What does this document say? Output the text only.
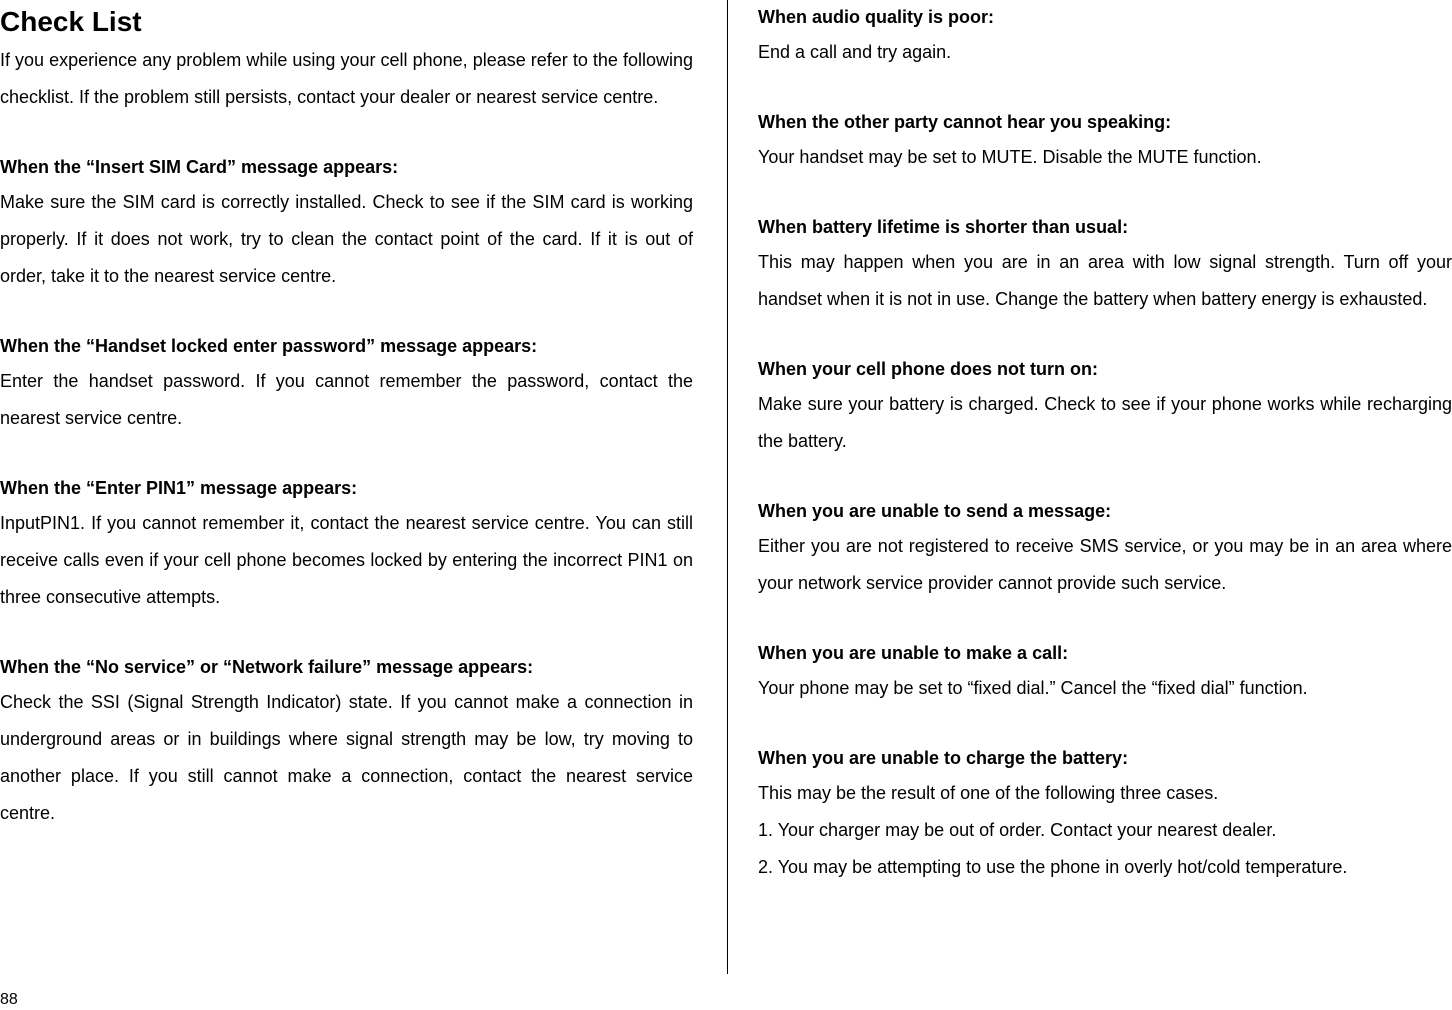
Check List

If you experience any problem while using your cell phone, please refer to the following checklist. If the problem still persists, contact your dealer or nearest service centre.

When the “Insert SIM Card” message appears:

Make sure the SIM card is correctly installed. Check to see if the SIM card is working properly. If it does not work, try to clean the contact point of the card. If it is out of order, take it to the nearest service centre.

When the “Handset locked enter password” message appears:

Enter the handset password. If you cannot remember the password, contact the nearest service centre.

When the “Enter PIN1” message appears:

InputPIN1. If you cannot remember it, contact the nearest service centre. You can still receive calls even if your cell phone becomes locked by entering the incorrect PIN1 on three consecutive attempts.

When the “No service” or “Network failure” message appears:

Check the SSI (Signal Strength Indicator) state. If you cannot make a connection in underground areas or in buildings where signal strength may be low, try moving to another place. If you still cannot make a connection, contact the nearest service centre.

When audio quality is poor:

End a call and try again.

When the other party cannot hear you speaking:

Your handset may be set to MUTE. Disable the MUTE function.

When battery lifetime is shorter than usual:

This may happen when you are in an area with low signal strength. Turn off your handset when it is not in use. Change the battery when battery energy is exhausted.

When your cell phone does not turn on:

Make sure your battery is charged. Check to see if your phone works while recharging the battery.

When you are unable to send a message:

Either you are not registered to receive SMS service, or you may be in an area where your network service provider cannot provide such service.

When you are unable to make a call:

Your phone may be set to “fixed dial.” Cancel the “fixed dial” function.

When you are unable to charge the battery:

This may be the result of one of the following three cases.

1. Your charger may be out of order. Contact your nearest dealer.

2. You may be attempting to use the phone in overly hot/cold temperature.

88
